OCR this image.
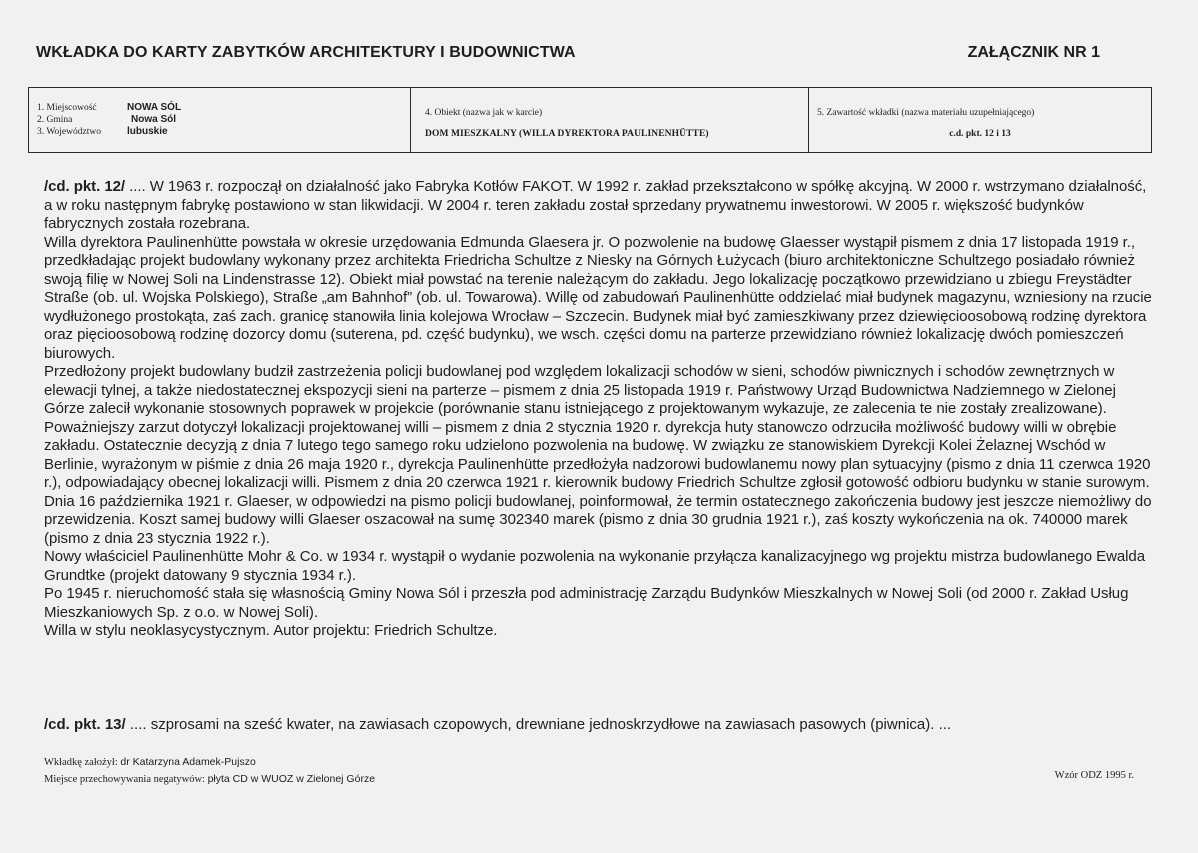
WKŁADKA DO KARTY ZABYTKÓW ARCHITEKTURY I BUDOWNICTWA	ZAŁĄCZNIK NR 1
1. Miejscowość	NOWA SÓL
2. Gmina	Nowa Sól
3. Województwo	lubuskie
4. Obiekt (nazwa jak w karcie)
DOM MIESZKALNY (WILLA DYREKTORA PAULINENHÜTTE)
5. Zawartość wkładki (nazwa materiału uzupełniającego)
c.d. pkt. 12 i 13

/cd. pkt. 12/ .... W 1963 r. rozpoczął on działalność jako Fabryka Kotłów FAKOT. W 1992 r. zakład przekształcono w spółkę akcyjną. W 2000 r. wstrzymano działalność, a w roku następnym fabrykę postawiono w stan likwidacji. W 2004 r. teren zakładu został sprzedany prywatnemu inwestorowi. W 2005 r. większość budynków fabrycznych została rozebrana.

Willa dyrektora Paulinenhütte powstała w okresie urzędowania Edmunda Glaesera jr. O pozwolenie na budowę Glaesser wystąpił pismem z dnia 17 listopada 1919 r., przedkładając projekt budowlany wykonany przez architekta Friedricha Schultze z Niesky na Górnych Łużycach (biuro architektoniczne Schultzego posiadało również swoją filię w Nowej Soli na Lindenstrasse 12). Obiekt miał powstać na terenie należącym do zakładu. Jego lokalizację początkowo przewidziano u zbiegu Freystädter Straße (ob. ul. Wojska Polskiego), Straße „am Bahnhof” (ob. ul. Towarowa). Willę od zabudowań Paulinenhütte oddzielać miał budynek magazynu, wzniesiony na rzucie wydłużonego prostokąta, zaś zach. granicę stanowiła linia kolejowa Wrocław – Szczecin. Budynek miał być zamieszkiwany przez dziewięcioosobową rodzinę dyrektora oraz pięcioosobową rodzinę dozorcy domu (suterena, pd. część budynku), we wsch. części domu na parterze przewidziano również lokalizację dwóch pomieszczeń biurowych.

Przedłożony projekt budowlany budził zastrzeżenia policji budowlanej pod względem lokalizacji schodów w sieni, schodów piwnicznych i schodów zewnętrznych w elewacji tylnej, a także niedostatecznej ekspozycji sieni na parterze – pismem z dnia 25 listopada 1919 r. Państwowy Urząd Budownictwa Nadziemnego w Zielonej Górze zalecił wykonanie stosownych poprawek w projekcie (porównanie stanu istniejącego z projektowanym wykazuje, ze zalecenia te nie zostały zrealizowane). Poważniejszy zarzut dotyczył lokalizacji projektowanej willi – pismem z dnia 2 stycznia 1920 r. dyrekcja huty stanowczo odrzuciła możliwość budowy willi w obrębie zakładu. Ostatecznie decyzją z dnia 7 lutego tego samego roku udzielono pozwolenia na budowę. W związku ze stanowiskiem Dyrekcji Kolei Żelaznej Wschód w Berlinie, wyrażonym w piśmie z dnia 26 maja 1920 r., dyrekcja Paulinenhütte przedłożyła nadzorowi budowlanemu nowy plan sytuacyjny (pismo z dnia 11 czerwca 1920 r.), odpowiadający obecnej lokalizacji willi. Pismem z dnia 20 czerwca 1921 r. kierownik budowy Friedrich Schultze zgłosił gotowość odbioru budynku w stanie surowym. Dnia 16 października 1921 r. Glaeser, w odpowiedzi na pismo policji budowlanej, poinformował, że termin ostatecznego zakończenia budowy jest jeszcze niemożliwy do przewidzenia. Koszt samej budowy willi Glaeser oszacował na sumę 302340 marek (pismo z dnia 30 grudnia 1921 r.), zaś koszty wykończenia na ok. 740000 marek (pismo z dnia 23 stycznia 1922 r.).

Nowy właściciel Paulinenhütte Mohr & Co. w 1934 r. wystąpił o wydanie pozwolenia na wykonanie przyłącza kanalizacyjnego wg projektu mistrza budowlanego Ewalda Grundtke (projekt datowany 9 stycznia 1934 r.).

Po 1945 r. nieruchomość stała się własnością Gminy Nowa Sól i przeszła pod administrację Zarządu Budynków Mieszkalnych w Nowej Soli (od 2000 r. Zakład Usług Mieszkaniowych Sp. z o.o. w Nowej Soli).

Willa w stylu neoklasycystycznym. Autor projektu: Friedrich Schultze.

/cd. pkt. 13/ .... szprosami na sześć kwater, na zawiasach czopowych, drewniane jednoskrzydłowe na zawiasach pasowych (piwnica). ...
Wkładkę założył: dr Katarzyna Adamek-Pujszo
Miejsce przechowywania negatywów: płyta CD w WUOZ w Zielonej Górze	Wzór ODZ 1995 r.
